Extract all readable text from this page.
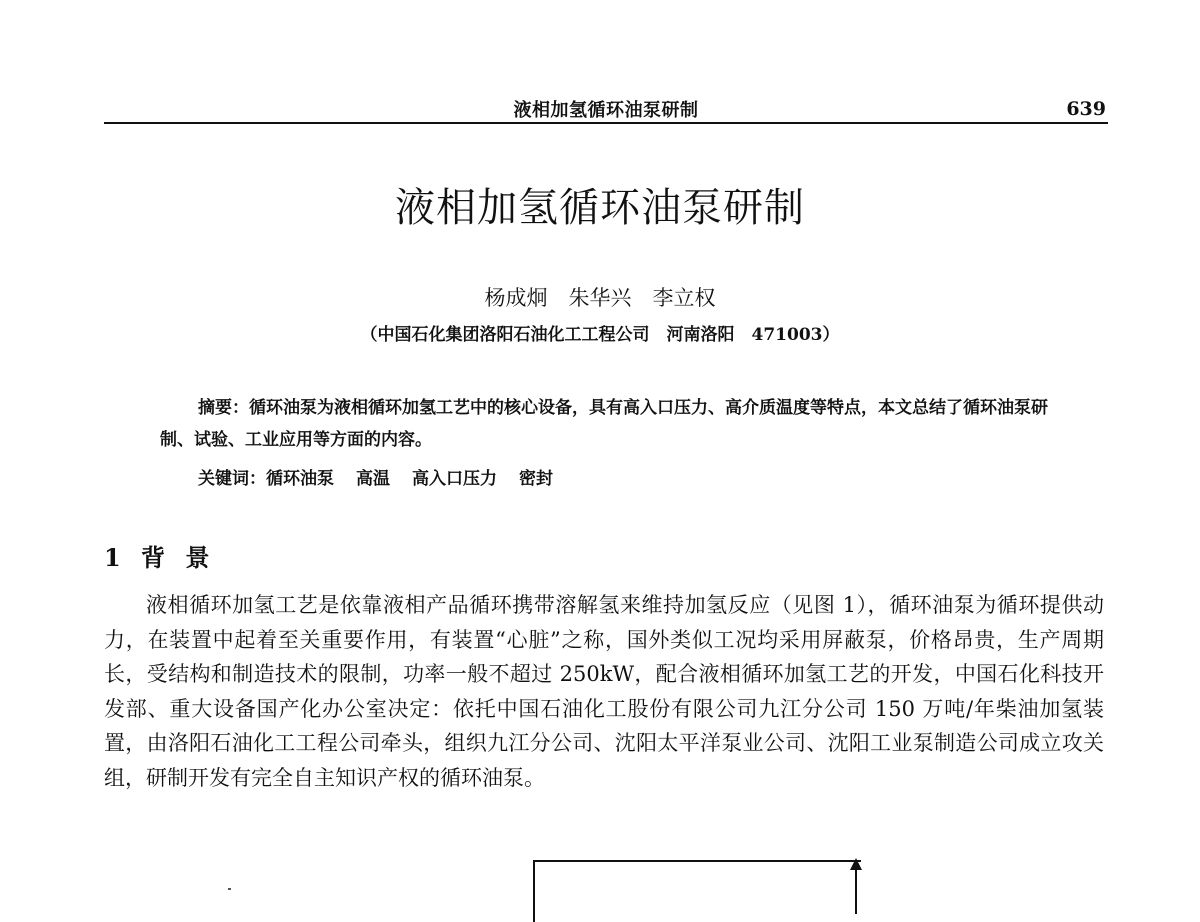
液相加氢循环油泵研制	639
液相加氢循环油泵研制
杨成炯　朱华兴　李立权
（中国石化集团洛阳石油化工工程公司　河南洛阳　471003）

摘要：循环油泵为液相循环加氢工艺中的核心设备，具有高入口压力、高介质温度等特点，本文总结了循环油泵研制、试验、工业应用等方面的内容。

关键词：循环油泵 高温 高入口压力 密封
1 背 景

液相循环加氢工艺是依靠液相产品循环携带溶解氢来维持加氢反应（见图 1），循环油泵为循环提供动力，在装置中起着至关重要作用，有装置“心脏”之称，国外类似工况均采用屏蔽泵，价格昂贵，生产周期长，受结构和制造技术的限制，功率一般不超过 250kW，配合液相循环加氢工艺的开发，中国石化科技开发部、重大设备国产化办公室决定：依托中国石油化工股份有限公司九江分公司 150 万吨/年柴油加氢装置，由洛阳石油化工工程公司牵头，组织九江分公司、沈阳太平洋泵业公司、沈阳工业泵制造公司成立攻关组，研制开发有完全自主知识产权的循环油泵。
